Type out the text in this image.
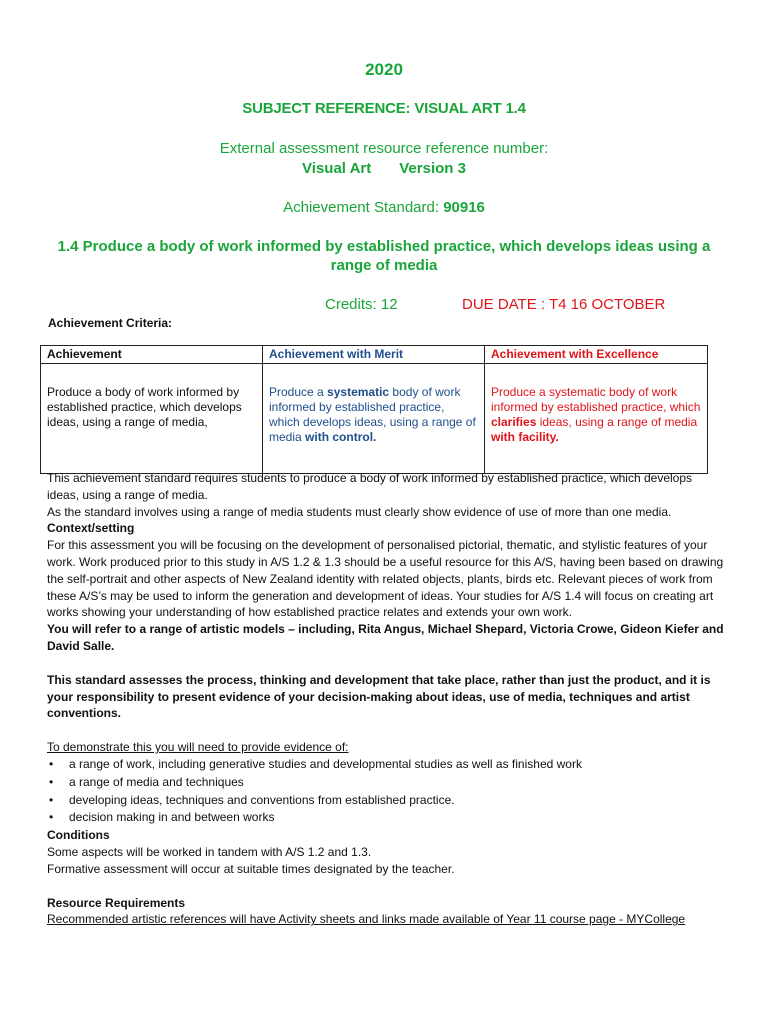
2020
SUBJECT REFERENCE: VISUAL ART 1.4
External assessment resource reference number:
Visual Art Version 3
Achievement Standard: 90916
1.4 Produce a body of work informed by established practice, which develops ideas using a range of media
Credits: 12	DUE DATE : T4 16 OCTOBER
Achievement Criteria:
Achievement	Achievement with Merit	Achievement with Excellence
Produce a body of work informed by established practice, which develops ideas, using a range of media,	Produce a systematic body of work informed by established practice, which develops ideas, using a range of media with control.	Produce a systematic body of work informed by established practice, which clarifies ideas, using a range of media with facility.

This achievement standard requires students to produce a body of work informed by established practice, which develops ideas, using a range of media.

As the standard involves using a range of media students must clearly show evidence of use of more than one media.

Context/setting

For this assessment you will be focusing on the development of personalised pictorial, thematic, and stylistic features of your work. Work produced prior to this study in A/S 1.2 & 1.3 should be a useful resource for this A/S, having been based on drawing the self-portrait and other aspects of New Zealand identity with related objects, plants, birds etc. Relevant pieces of work from these A/S’s may be used to inform the generation and development of ideas. Your studies for A/S 1.4 will focus on creating art works showing your understanding of how established practice relates and extends your own work.

You will refer to a range of artistic models – including, Rita Angus, Michael Shepard, Victoria Crowe, Gideon Kiefer and David Salle.

This standard assesses the process, thinking and development that take place, rather than just the product, and it is your responsibility to present evidence of your decision-making about ideas, use of media, techniques and artist conventions.

To demonstrate this you will need to provide evidence of:

• a range of work, including generative studies and developmental studies as well as finished work
• a range of media and techniques
• developing ideas, techniques and conventions from established practice.
• decision making in and between works

Conditions

Some aspects will be worked in tandem with A/S 1.2 and 1.3.

Formative assessment will occur at suitable times designated by the teacher.

Resource Requirements

Recommended artistic references will have Activity sheets and links made available of Year 11 course page - MYCollege
